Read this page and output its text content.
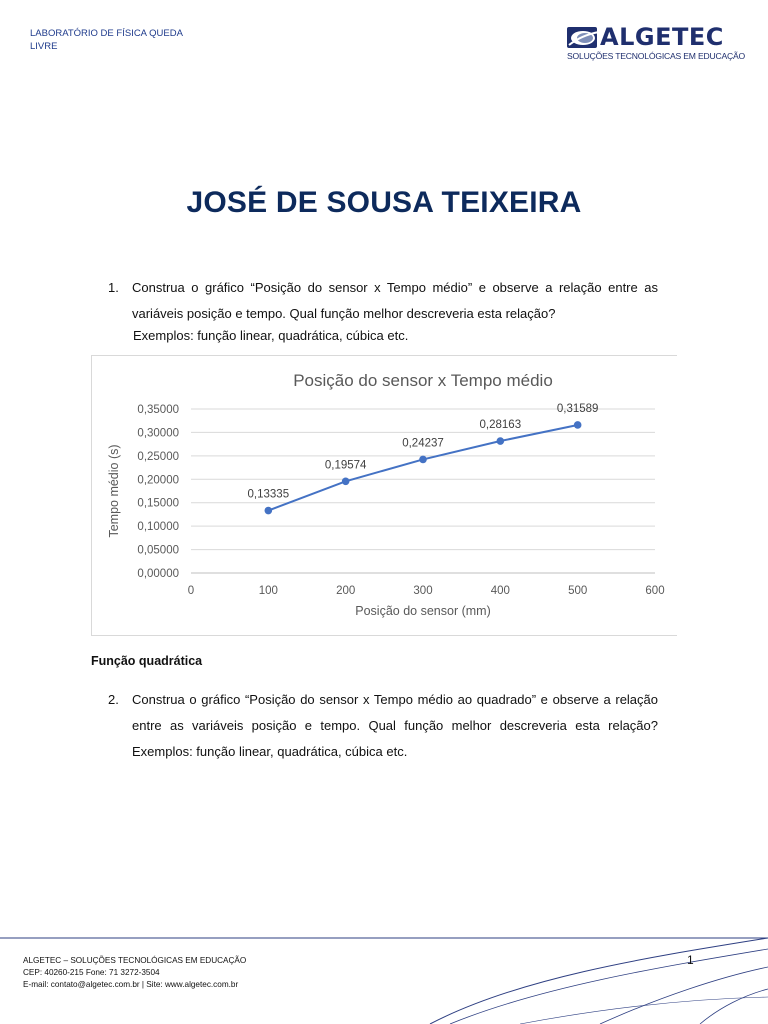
LABORATÓRIO DE FÍSICA QUEDA LIVRE	ALGETEC
SOLUÇÕES TECNOLÓGICAS EM EDUCAÇÃO
JOSÉ DE SOUSA TEIXEIRA
1. Construa o gráfico “Posição do sensor x Tempo médio” e observe a relação entre as variáveis posição e tempo. Qual função melhor descreveria esta relação?
Exemplos: função linear, quadrática, cúbica etc.
Posição do sensor x Tempo médio
0,00000
0,05000
0,10000
0,15000
0,20000
0,25000
0,30000
0,35000
0	100	200	300	400	500	600
Posição do sensor (mm)
Tempo médio (s)	0,13335
0,19574
0,24237
0,28163
0,31589
Função quadrática
2. Construa o gráfico “Posição do sensor x Tempo médio ao quadrado” e observe a relação entre as variáveis posição e tempo. Qual função melhor descreveria esta relação? Exemplos: função linear, quadrática, cúbica etc.
ALGETEC – SOLUÇÕES TECNOLÓGICAS EM EDUCAÇÃO
CEP: 40260-215 Fone: 71 3272-3504
E-mail: contato@algetec.com.br | Site: www.algetec.com.br
1
